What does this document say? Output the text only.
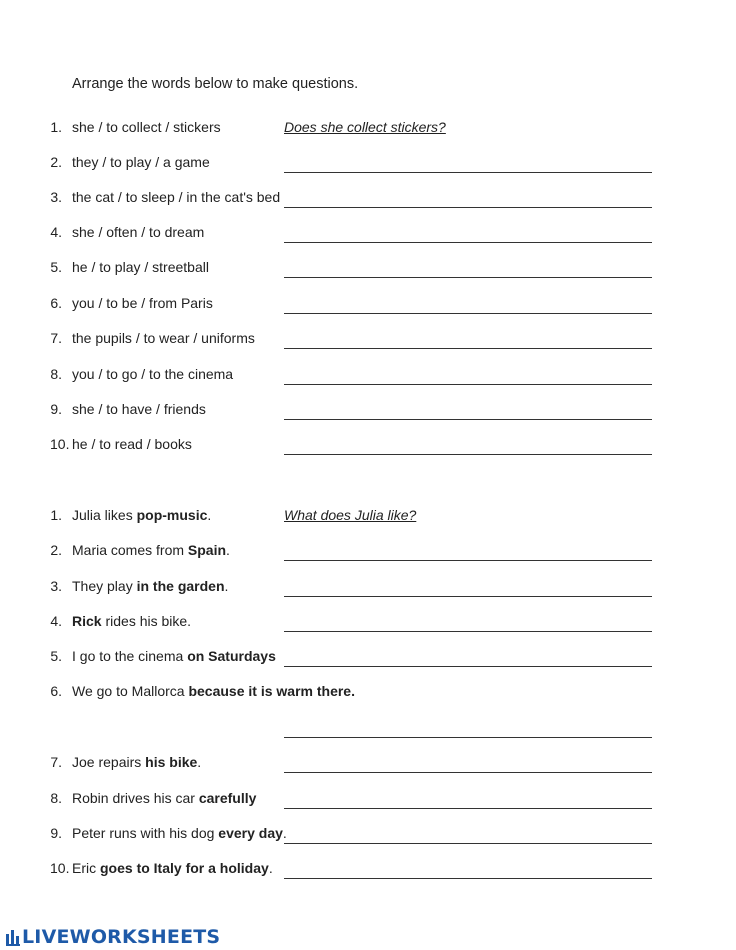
Arrange the words below to make questions.
1. she / to collect / stickers	Does she collect stickers?
2. they / to play / a game
3. the cat / to sleep / in the cat's bed
4. she / often / to dream
5. he / to play / streetball
6. you / to be / from Paris
7. the pupils / to wear / uniforms
8. you / to go / to the cinema
9. she / to have / friends
10. he / to read / books
1. Julia likes pop-music.	What does Julia like?
2. Maria comes from Spain.
3. They play in the garden.
4. Rick rides his bike.
5. I go to the cinema on Saturdays
6. We go to Mallorca because it is warm there.
7. Joe repairs his bike.
8. Robin drives his car carefully
9. Peter runs with his dog every day.
10. Eric goes to Italy for a holiday.
LIVEWORKSHEETS
